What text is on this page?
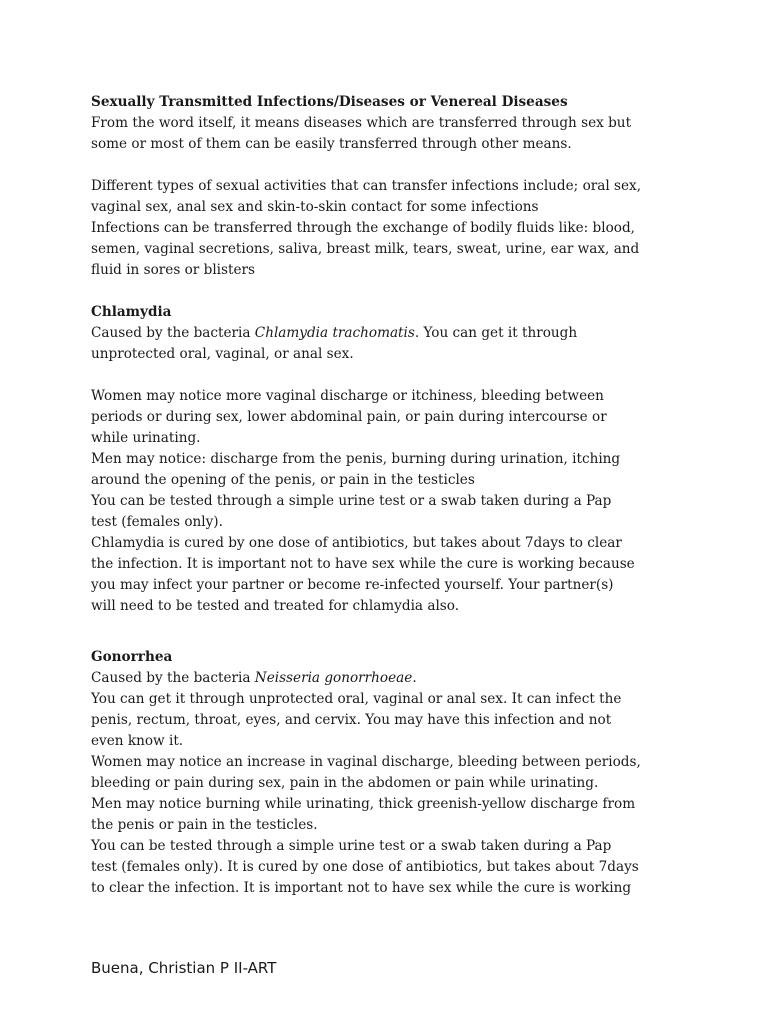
Sexually Transmitted Infections/Diseases or Venereal Diseases
From the word itself, it means diseases which are transferred through sex but
some or most of them can be easily transferred through other means.
Different types of sexual activities that can transfer infections include; oral sex,
vaginal sex, anal sex and skin-to-skin contact for some infections
Infections can be transferred through the exchange of bodily fluids like: blood,
semen, vaginal secretions, saliva, breast milk, tears, sweat, urine, ear wax, and
fluid in sores or blisters
Chlamydia
Caused by the bacteria Chlamydia trachomatis. You can get it through
unprotected oral, vaginal, or anal sex.
Women may notice more vaginal discharge or itchiness, bleeding between
periods or during sex, lower abdominal pain, or pain during intercourse or
while urinating.
Men may notice: discharge from the penis, burning during urination, itching
around the opening of the penis, or pain in the testicles
You can be tested through a simple urine test or a swab taken during a Pap
test (females only).
Chlamydia is cured by one dose of antibiotics, but takes about 7days to clear
the infection. It is important not to have sex while the cure is working because
you may infect your partner or become re-infected yourself. Your partner(s)
will need to be tested and treated for chlamydia also.
Gonorrhea
Caused by the bacteria Neisseria gonorrhoeae.
You can get it through unprotected oral, vaginal or anal sex. It can infect the
penis, rectum, throat, eyes, and cervix. You may have this infection and not
even know it.
Women may notice an increase in vaginal discharge, bleeding between periods,
bleeding or pain during sex, pain in the abdomen or pain while urinating.
Men may notice burning while urinating, thick greenish-yellow discharge from
the penis or pain in the testicles.
You can be tested through a simple urine test or a swab taken during a Pap
test (females only). It is cured by one dose of antibiotics, but takes about 7days
to clear the infection. It is important not to have sex while the cure is working
Buena, Christian P II-ART
